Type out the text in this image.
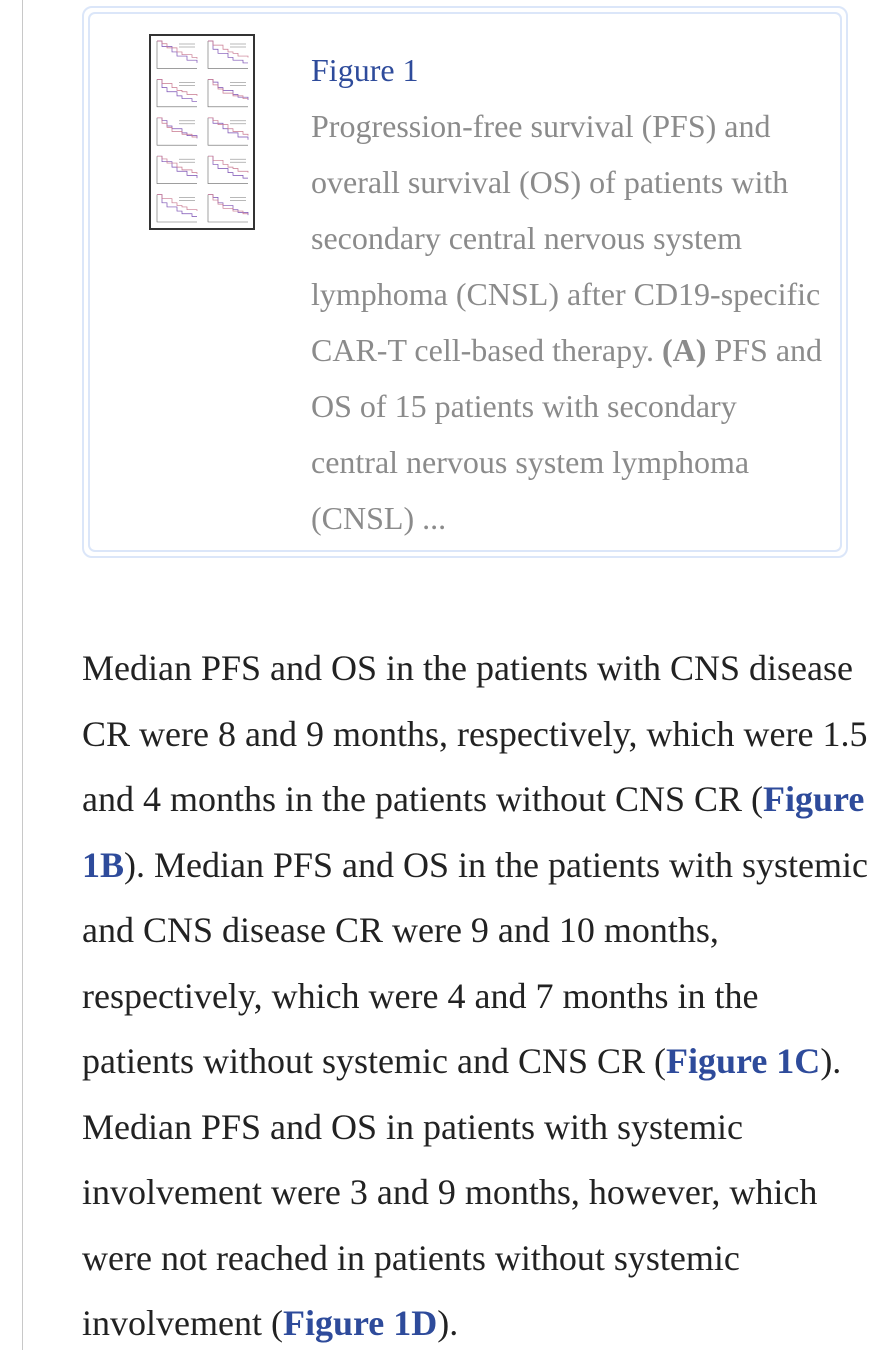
Figure 1
Progression-free survival (PFS) and overall survival (OS) of patients with secondary central nervous system lymphoma (CNSL) after CD19-specific CAR-T cell-based therapy. (A) PFS and OS of 15 patients with secondary central nervous system lymphoma (CNSL) ...

Median PFS and OS in the patients with CNS disease CR were 8 and 9 months, respectively, which were 1.5 and 4 months in the patients without CNS CR (Figure 1B). Median PFS and OS in the patients with systemic and CNS disease CR were 9 and 10 months, respectively, which were 4 and 7 months in the patients without systemic and CNS CR (Figure 1C). Median PFS and OS in patients with systemic involvement were 3 and 9 months, however, which were not reached in patients without systemic involvement (Figure 1D).
